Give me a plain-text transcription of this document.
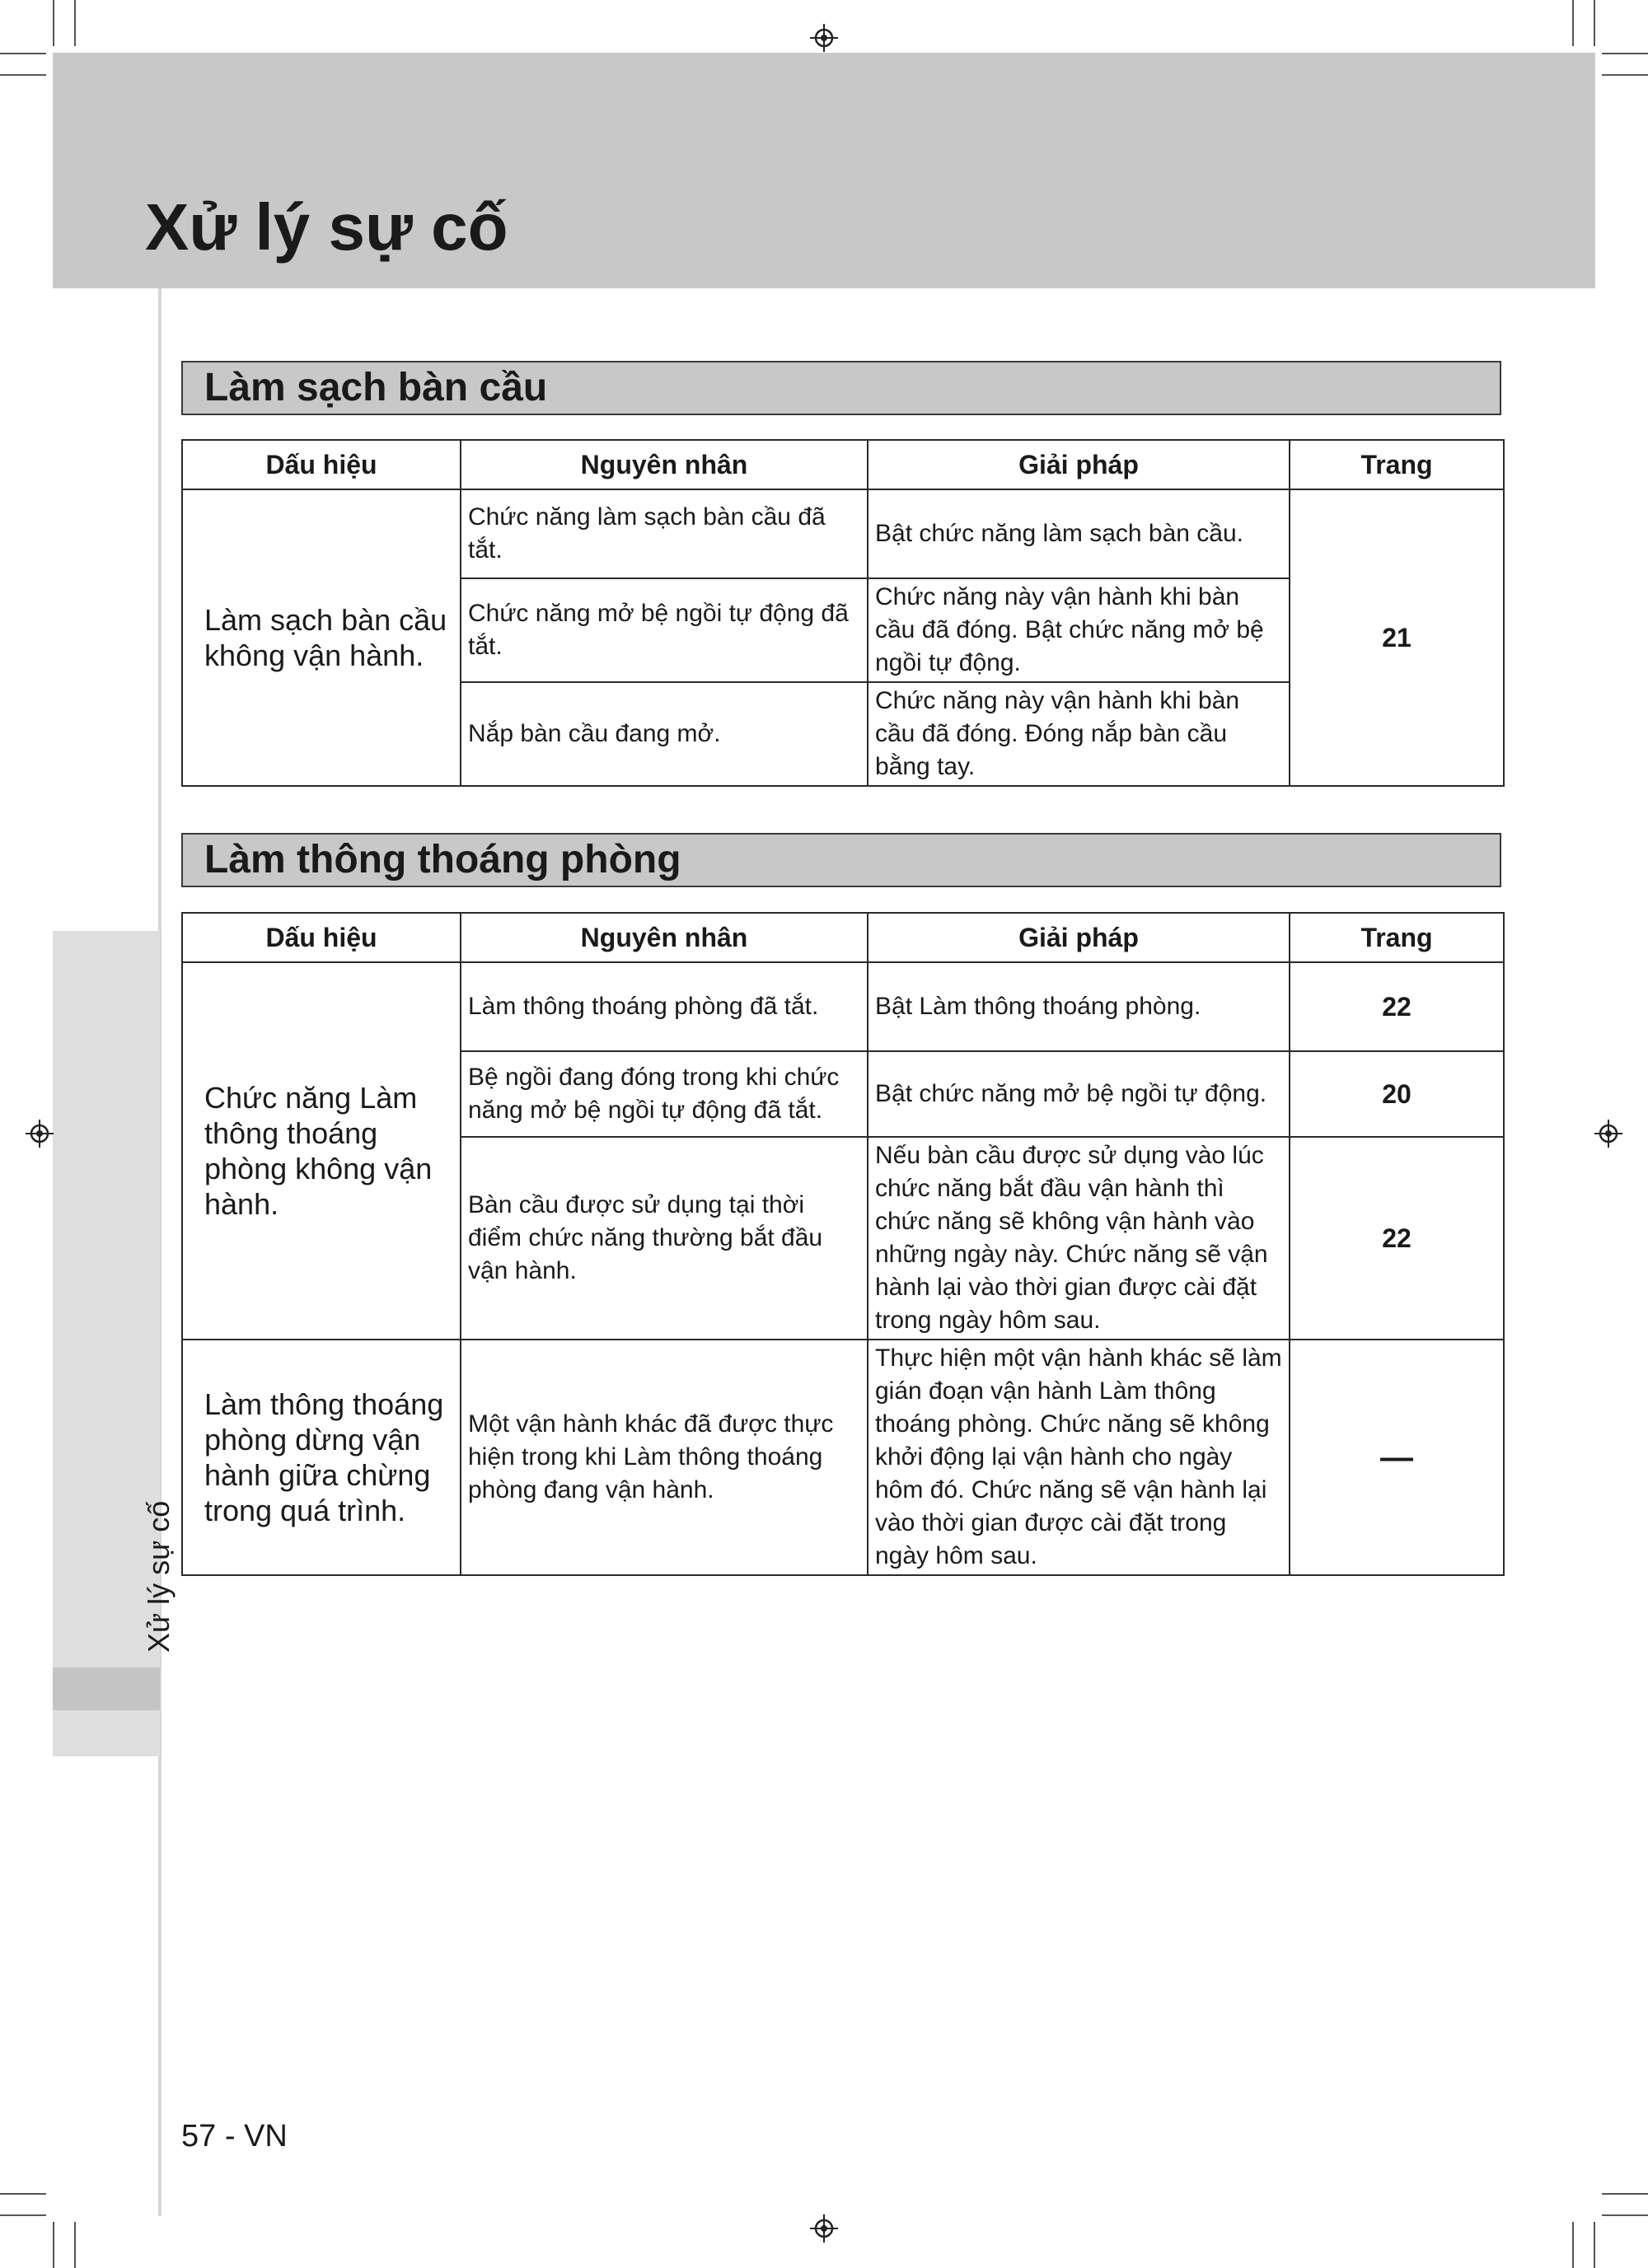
Xử lý sự cố
Xử lý sự cố
Làm sạch bàn cầu
Dấu hiệu	Nguyên nhân	Giải pháp	Trang
Làm sạch bàn cầu không vận hành.	Chức năng làm sạch bàn cầu đã tắt.	Bật chức năng làm sạch bàn cầu.	21
	Chức năng mở bệ ngồi tự động đã tắt.	Chức năng này vận hành khi bàn cầu đã đóng. Bật chức năng mở bệ ngồi tự động.	
	Nắp bàn cầu đang mở.	Chức năng này vận hành khi bàn cầu đã đóng. Đóng nắp bàn cầu bằng tay.	
Làm thông thoáng phòng
Dấu hiệu	Nguyên nhân	Giải pháp	Trang
Chức năng Làm thông thoáng phòng không vận hành.	Làm thông thoáng phòng đã tắt.	Bật Làm thông thoáng phòng.	22
	Bệ ngồi đang đóng trong khi chức năng mở bệ ngồi tự động đã tắt.	Bật chức năng mở bệ ngồi tự động.	20
	Bàn cầu được sử dụng tại thời điểm chức năng thường bắt đầu vận hành.	Nếu bàn cầu được sử dụng vào lúc chức năng bắt đầu vận hành thì chức năng sẽ không vận hành vào những ngày này. Chức năng sẽ vận hành lại vào thời gian được cài đặt trong ngày hôm sau.	22
Làm thông thoáng phòng dừng vận hành giữa chừng trong quá trình.	Một vận hành khác đã được thực hiện trong khi Làm thông thoáng phòng đang vận hành.	Thực hiện một vận hành khác sẽ làm gián đoạn vận hành Làm thông thoáng phòng. Chức năng sẽ không khởi động lại vận hành cho ngày hôm đó. Chức năng sẽ vận hành lại vào thời gian được cài đặt trong ngày hôm sau.	—
57 - VN
